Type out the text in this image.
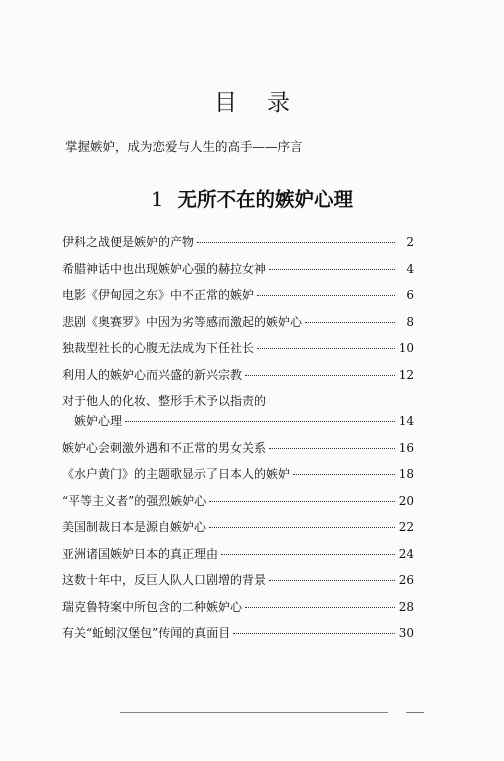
目录
掌握嫉妒，成为恋爱与人生的高手——序言
1 无所不在的嫉妒心理
伊科之战便是嫉妒的产物	2
希腊神话中也出现嫉妒心强的赫拉女神	4
电影《伊甸园之东》中不正常的嫉妒	6
悲剧《奥赛罗》中因为劣等感而激起的嫉妒心	8
独裁型社长的心腹无法成为下任社长	10
利用人的嫉妒心而兴盛的新兴宗教	12
对于他人的化妆、整形手术予以指责的
嫉妒心理	14
嫉妒心会刺激外遇和不正常的男女关系	16
《水户黄门》的主题歌显示了日本人的嫉妒	18
“平等主义者”的强烈嫉妒心	20
美国制裁日本是源自嫉妒心	22
亚洲诸国嫉妒日本的真正理由	24
这数十年中，反巨人队人口剧增的背景	26
瑞克鲁特案中所包含的二种嫉妒心	28
有关“蚯蚓汉堡包”传闻的真面目	30
